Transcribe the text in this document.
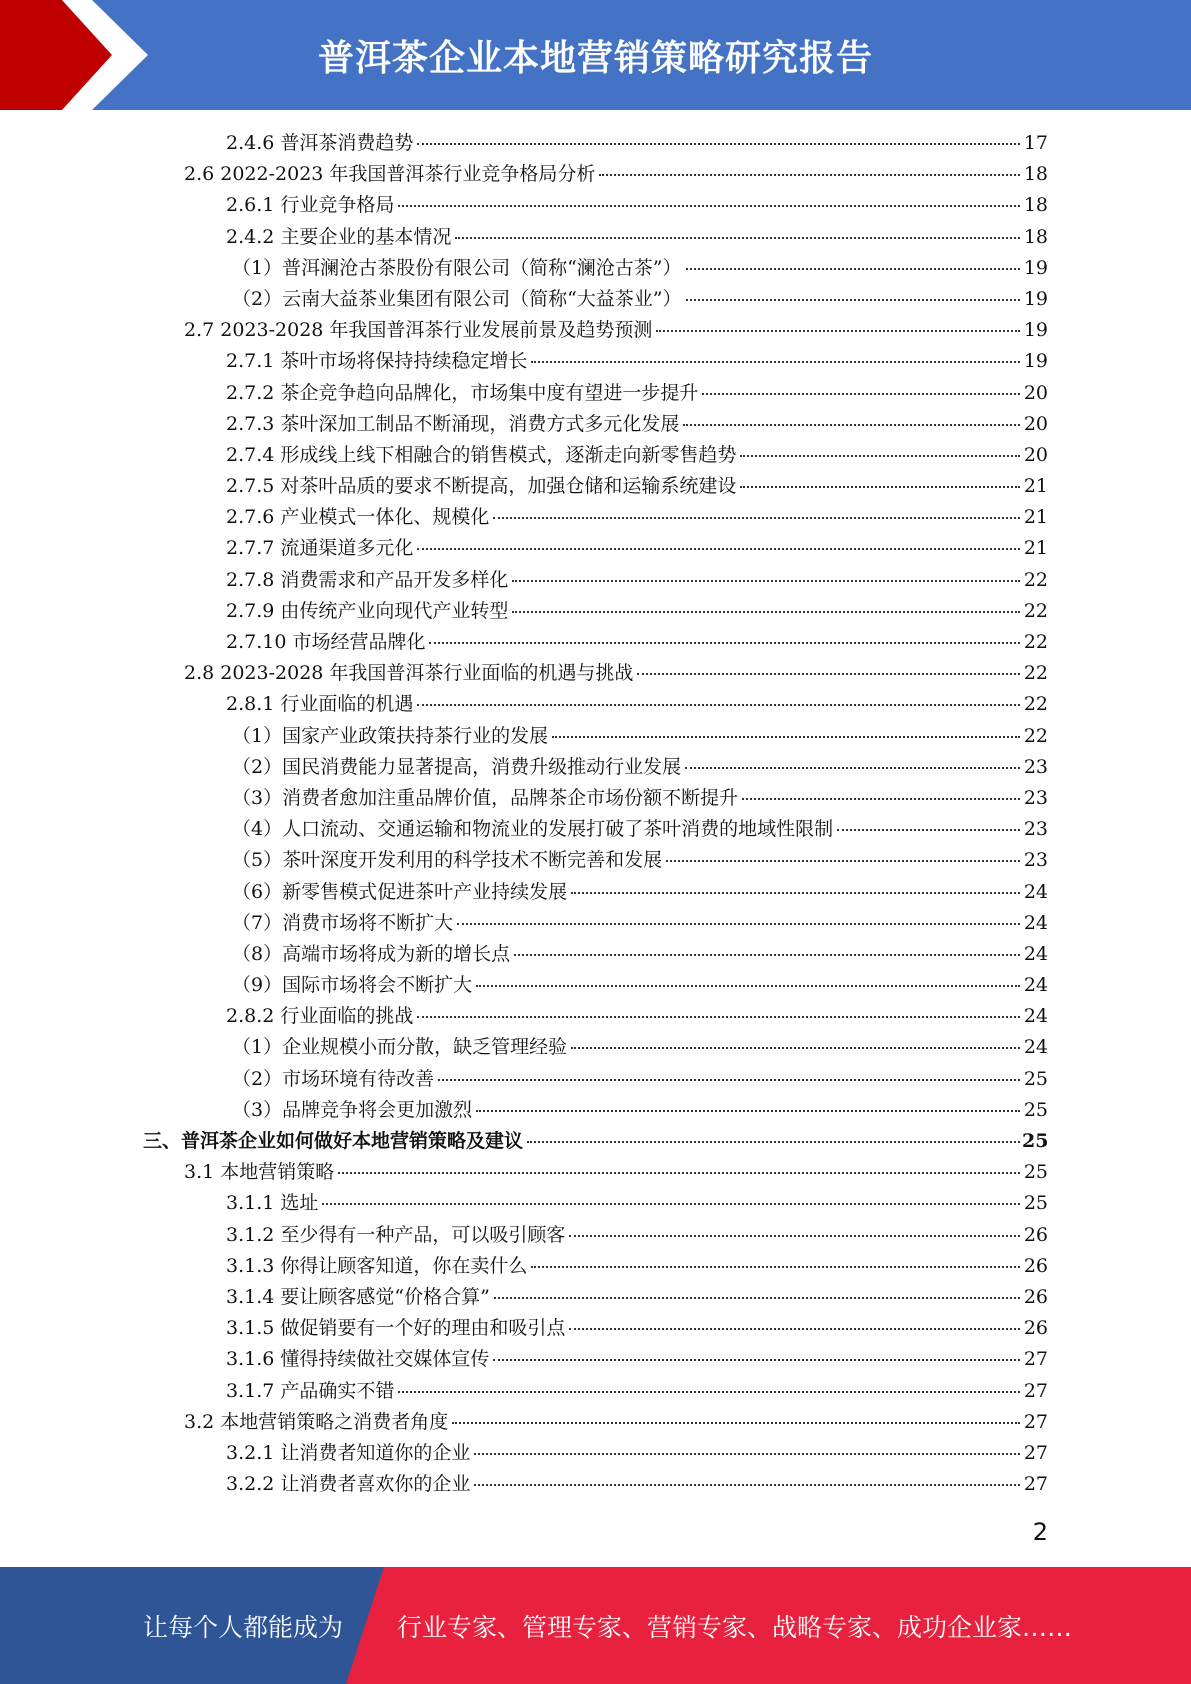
普洱茶企业本地营销策略研究报告
2.4.6 普洱茶消费趋势	17
2.6 2022-2023 年我国普洱茶行业竞争格局分析	18
2.6.1 行业竞争格局	18
2.4.2 主要企业的基本情况	18
（1）普洱澜沧古茶股份有限公司（简称“澜沧古茶”）	19
（2）云南大益茶业集团有限公司（简称“大益茶业”）	19
2.7 2023-2028 年我国普洱茶行业发展前景及趋势预测	19
2.7.1 茶叶市场将保持持续稳定增长	19
2.7.2 茶企竞争趋向品牌化，市场集中度有望进一步提升	20
2.7.3 茶叶深加工制品不断涌现，消费方式多元化发展	20
2.7.4 形成线上线下相融合的销售模式，逐渐走向新零售趋势	20
2.7.5 对茶叶品质的要求不断提高，加强仓储和运输系统建设	21
2.7.6 产业模式一体化、规模化	21
2.7.7 流通渠道多元化	21
2.7.8 消费需求和产品开发多样化	22
2.7.9 由传统产业向现代产业转型	22
2.7.10 市场经营品牌化	22
2.8 2023-2028 年我国普洱茶行业面临的机遇与挑战	22
2.8.1 行业面临的机遇	22
（1）国家产业政策扶持茶行业的发展	22
（2）国民消费能力显著提高，消费升级推动行业发展	23
（3）消费者愈加注重品牌价值，品牌茶企市场份额不断提升	23
（4）人口流动、交通运输和物流业的发展打破了茶叶消费的地域性限制	23
（5）茶叶深度开发利用的科学技术不断完善和发展	23
（6）新零售模式促进茶叶产业持续发展	24
（7）消费市场将不断扩大	24
（8）高端市场将成为新的增长点	24
（9）国际市场将会不断扩大	24
2.8.2 行业面临的挑战	24
（1）企业规模小而分散，缺乏管理经验	24
（2）市场环境有待改善	25
（3）品牌竞争将会更加激烈	25
三、普洱茶企业如何做好本地营销策略及建议	25
3.1 本地营销策略	25
3.1.1 选址	25
3.1.2 至少得有一种产品，可以吸引顾客	26
3.1.3 你得让顾客知道，你在卖什么	26
3.1.4 要让顾客感觉“价格合算”	26
3.1.5 做促销要有一个好的理由和吸引点	26
3.1.6 懂得持续做社交媒体宣传	27
3.1.7 产品确实不错	27
3.2 本地营销策略之消费者角度	27
3.2.1 让消费者知道你的企业	27
3.2.2 让消费者喜欢你的企业	27
2
让每个人都能成为 行业专家、管理专家、营销专家、战略专家、成功企业家……
